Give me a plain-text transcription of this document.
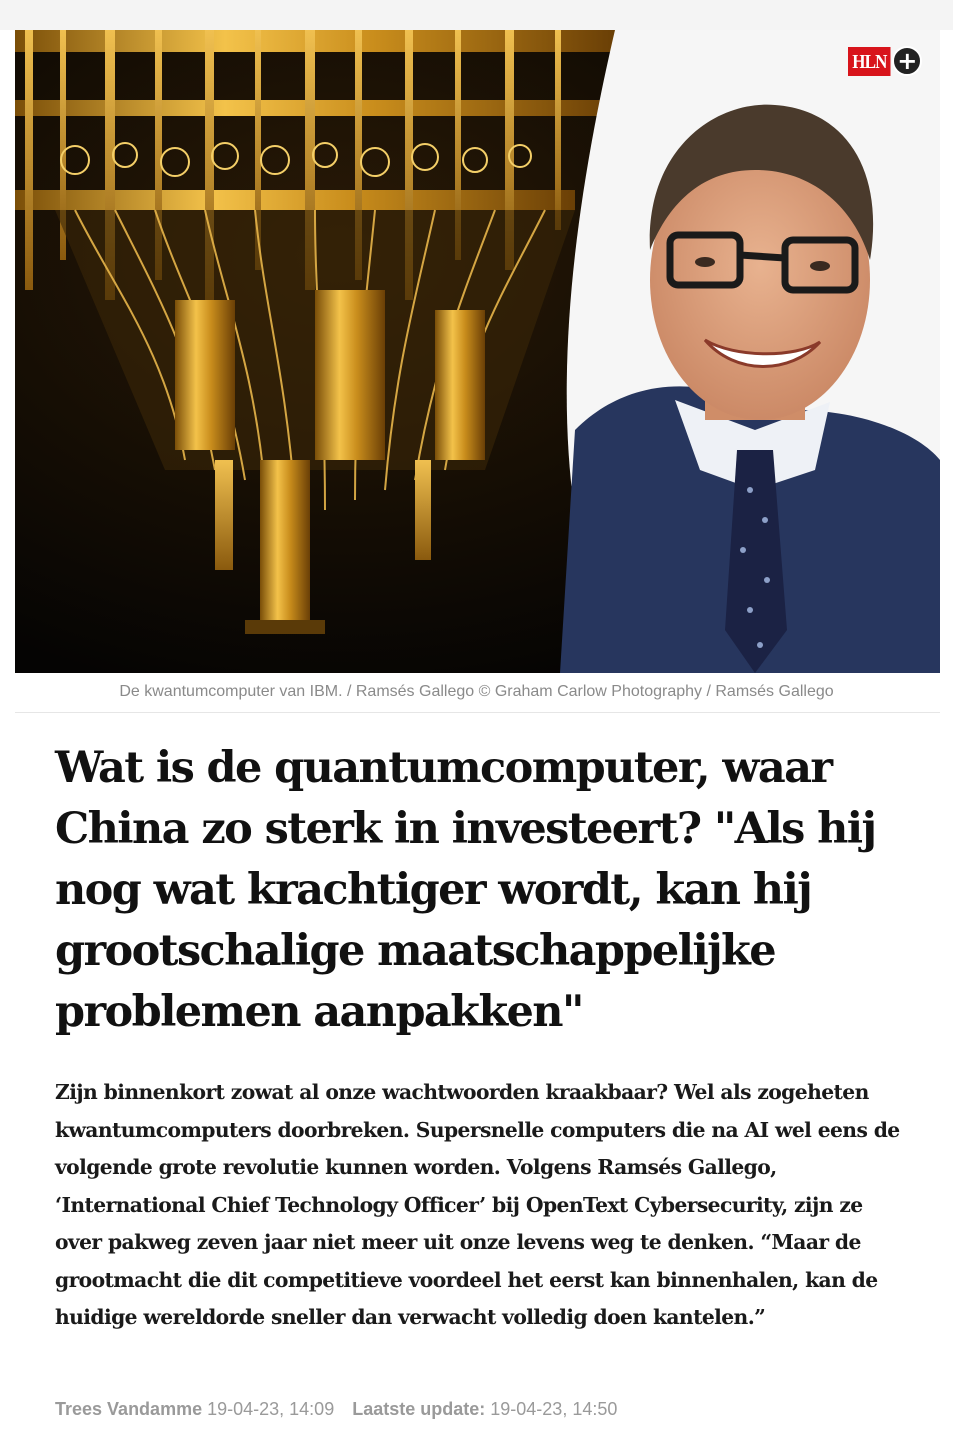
HLN +
De kwantumcomputer van IBM. / Ramsés Gallego © Graham Carlow Photography / Ramsés Gallego
Wat is de quantumcomputer, waar China zo sterk in investeert? "Als hij nog wat krachtiger wordt, kan hij grootschalige maatschappelijke problemen aanpakken"

Zijn binnenkort zowat al onze wachtwoorden kraakbaar? Wel als zogeheten kwantumcomputers doorbreken. Supersnelle computers die na AI wel eens de volgende grote revolutie kunnen worden. Volgens Ramsés Gallego, ‘International Chief Technology Officer’ bij OpenText Cybersecurity, zijn ze over pakweg zeven jaar niet meer uit onze levens weg te denken. “Maar de grootmacht die dit competitieve voordeel het eerst kan binnenhalen, kan de huidige wereldorde sneller dan verwacht volledig doen kantelen.”

Trees Vandamme 19-04-23, 14:09 Laatste update: 19-04-23, 14:50
